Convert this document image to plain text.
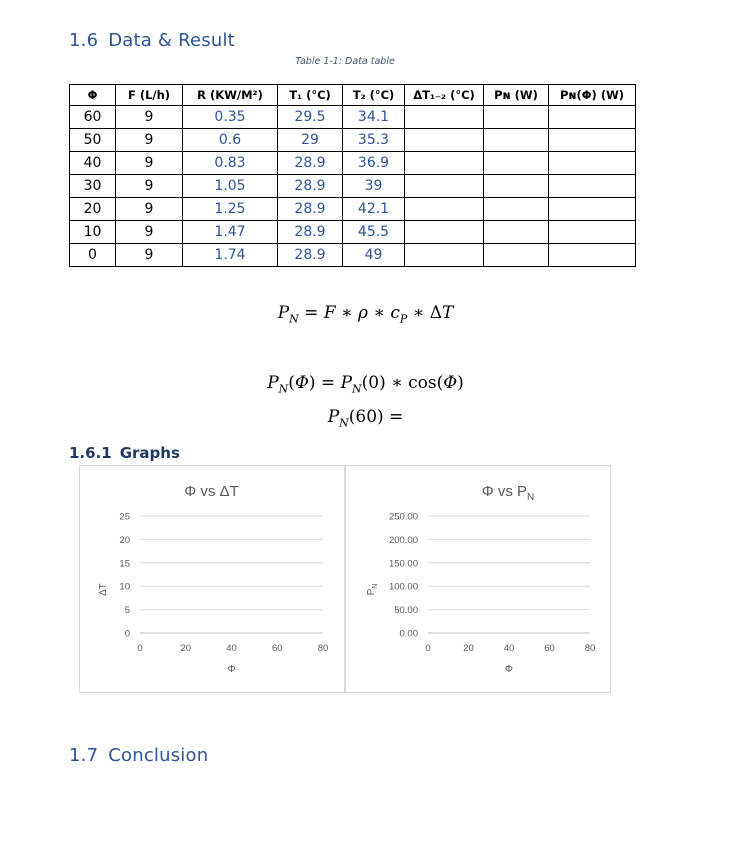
1.6 Data & Result
Table 1-1: Data table
Φ	F (L/h)	R (KW/M²)	T₁ (°C)	T₂ (°C)	ΔT₁₋₂ (°C)	Pɴ (W)	Pɴ(Φ) (W)
60	9	0.35	29.5	34.1			
50	9	0.6	29	35.3			
40	9	0.83	28.9	36.9			
30	9	1.05	28.9	39			
20	9	1.25	28.9	42.1			
10	9	1.47	28.9	45.5			
0	9	1.74	28.9	49			
$P_N = F$ ∗ ρ ∗ $c_P$ ∗ ΔT
$P_N(\Phi) = P_N(0)$ ∗ cos(Φ)
$P_N(60)$ =
1.6.1 Graphs
Φ vs ΔT
0
5
10
15
20
25
0	20	40	60	80
Φ
ΔT
Φ vs $P_N$
0.00
50.00
100.00
150.00
200.00
250.00
0	20	40	60	80
Φ
$P_N$
1.7 Conclusion
